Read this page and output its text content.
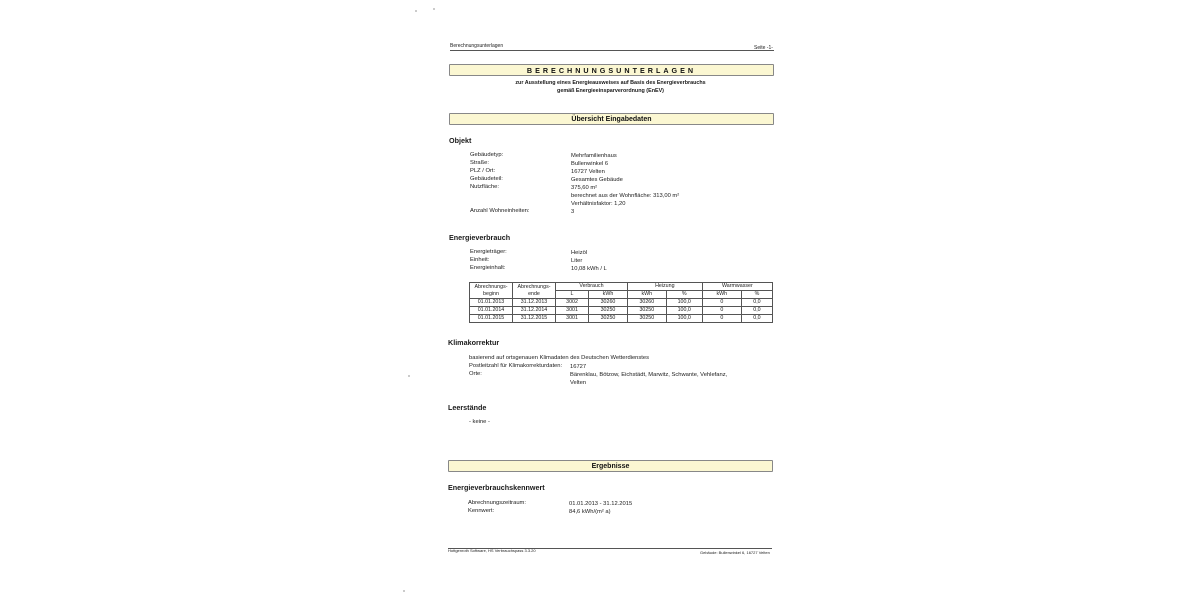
Berechnungsunterlagen	Seite -1-
BERECHNUNGSUNTERLAGEN
zur Ausstellung eines Energieausweises auf Basis des Energieverbrauchs
gemäß Energieeinsparverordnung (EnEV)
Übersicht Eingabedaten
Objekt
Gebäudetyp:	Mehrfamilienhaus
Straße:	Bullenwinkel 6
PLZ / Ort:	16727 Velten
Gebäudeteil:	Gesamtes Gebäude
Nutzfläche:	375,60 m²
berechnet aus der Wohnfläche: 313,00 m²
Verhältnisfaktor: 1,20
Anzahl Wohneinheiten:	3
Energieverbrauch
Energieträger:	Heizöl
Einheit:	Liter
Energieinhalt:	10,08 kWh / L
Abrechnungs- beginn	Abrechnungs- ende	Verbrauch		Heizung		Warmwasser	
		L	kWh	kWh	%	kWh	%
01.01.2013	31.12.2013	3002	30260	30260	100,0	0	0,0
01.01.2014	31.12.2014	3001	30250	30250	100,0	0	0,0
01.01.2015	31.12.2015	3001	30250	30250	100,0	0	0,0
Klimakorrektur
basierend auf ortsgenauen Klimadaten des Deutschen Wetterdienstes
Postleitzahl für Klimakorrekturdaten: 16727
Orte:	Bärenklau, Bötzow, Eichstädt, Marwitz, Schwante, Vehlefanz,
Velten
Leerstände
- keine -
Ergebnisse
Energieverbrauchskennwert
Abrechnungszeitraum:	01.01.2013 - 31.12.2015
Kennwert:	84,6 kWh/(m² a)
Hottgenroth Software, HS Verbrauchspass 3.3.20	Gebäude: Bullenwinkel 6, 16727 Velten
